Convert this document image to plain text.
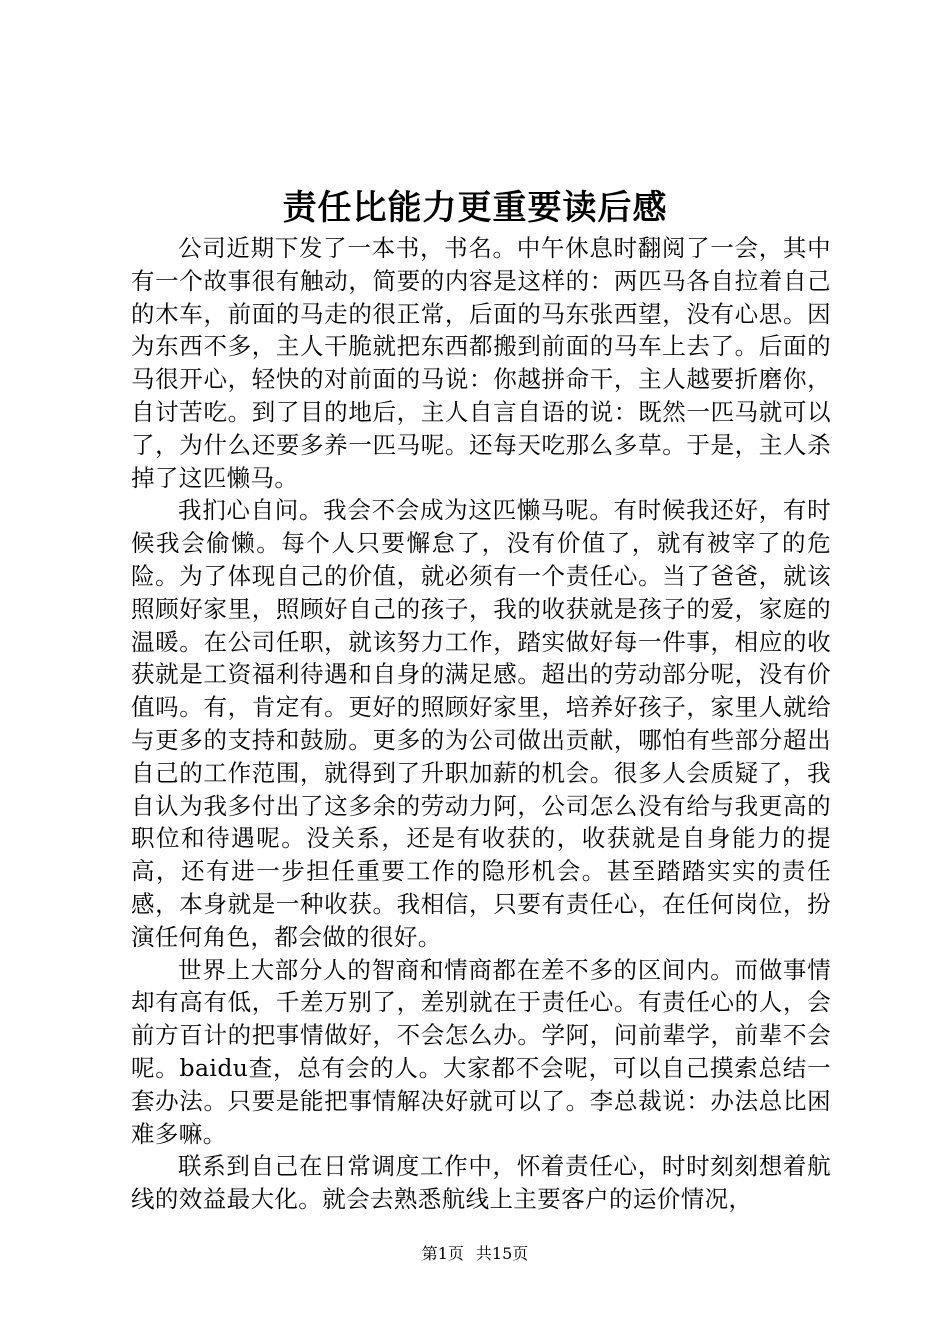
责任比能力更重要读后感

公司近期下发了一本书，书名。中午休息时翻阅了一会，其中有一个故事很有触动，简要的内容是这样的：两匹马各自拉着自己的木车，前面的马走的很正常，后面的马东张西望，没有心思。因为东西不多，主人干脆就把东西都搬到前面的马车上去了。后面的马很开心，轻快的对前面的马说：你越拼命干，主人越要折磨你，自讨苦吃。到了目的地后，主人自言自语的说：既然一匹马就可以了，为什么还要多养一匹马呢。还每天吃那么多草。于是，主人杀掉了这匹懒马。

我扪心自问。我会不会成为这匹懒马呢。有时候我还好，有时候我会偷懒。每个人只要懈怠了，没有价值了，就有被宰了的危险。为了体现自己的价值，就必须有一个责任心。当了爸爸，就该照顾好家里，照顾好自己的孩子，我的收获就是孩子的爱，家庭的温暖。在公司任职，就该努力工作，踏实做好每一件事，相应的收获就是工资福利待遇和自身的满足感。超出的劳动部分呢，没有价值吗。有，肯定有。更好的照顾好家里，培养好孩子，家里人就给与更多的支持和鼓励。更多的为公司做出贡献，哪怕有些部分超出自己的工作范围，就得到了升职加薪的机会。很多人会质疑了，我自认为我多付出了这多余的劳动力阿，公司怎么没有给与我更高的职位和待遇呢。没关系，还是有收获的，收获就是自身能力的提高，还有进一步担任重要工作的隐形机会。甚至踏踏实实的责任感，本身就是一种收获。我相信，只要有责任心，在任何岗位，扮演任何角色，都会做的很好。

世界上大部分人的智商和情商都在差不多的区间内。而做事情却有高有低，千差万别了，差别就在于责任心。有责任心的人，会前方百计的把事情做好，不会怎么办。学阿，问前辈学，前辈不会呢。baidu查，总有会的人。大家都不会呢，可以自己摸索总结一套办法。只要是能把事情解决好就可以了。李总裁说：办法总比困难多嘛。

联系到自己在日常调度工作中，怀着责任心，时时刻刻想着航线的效益最大化。就会去熟悉航线上主要客户的运价情况，

第1页 共15页
